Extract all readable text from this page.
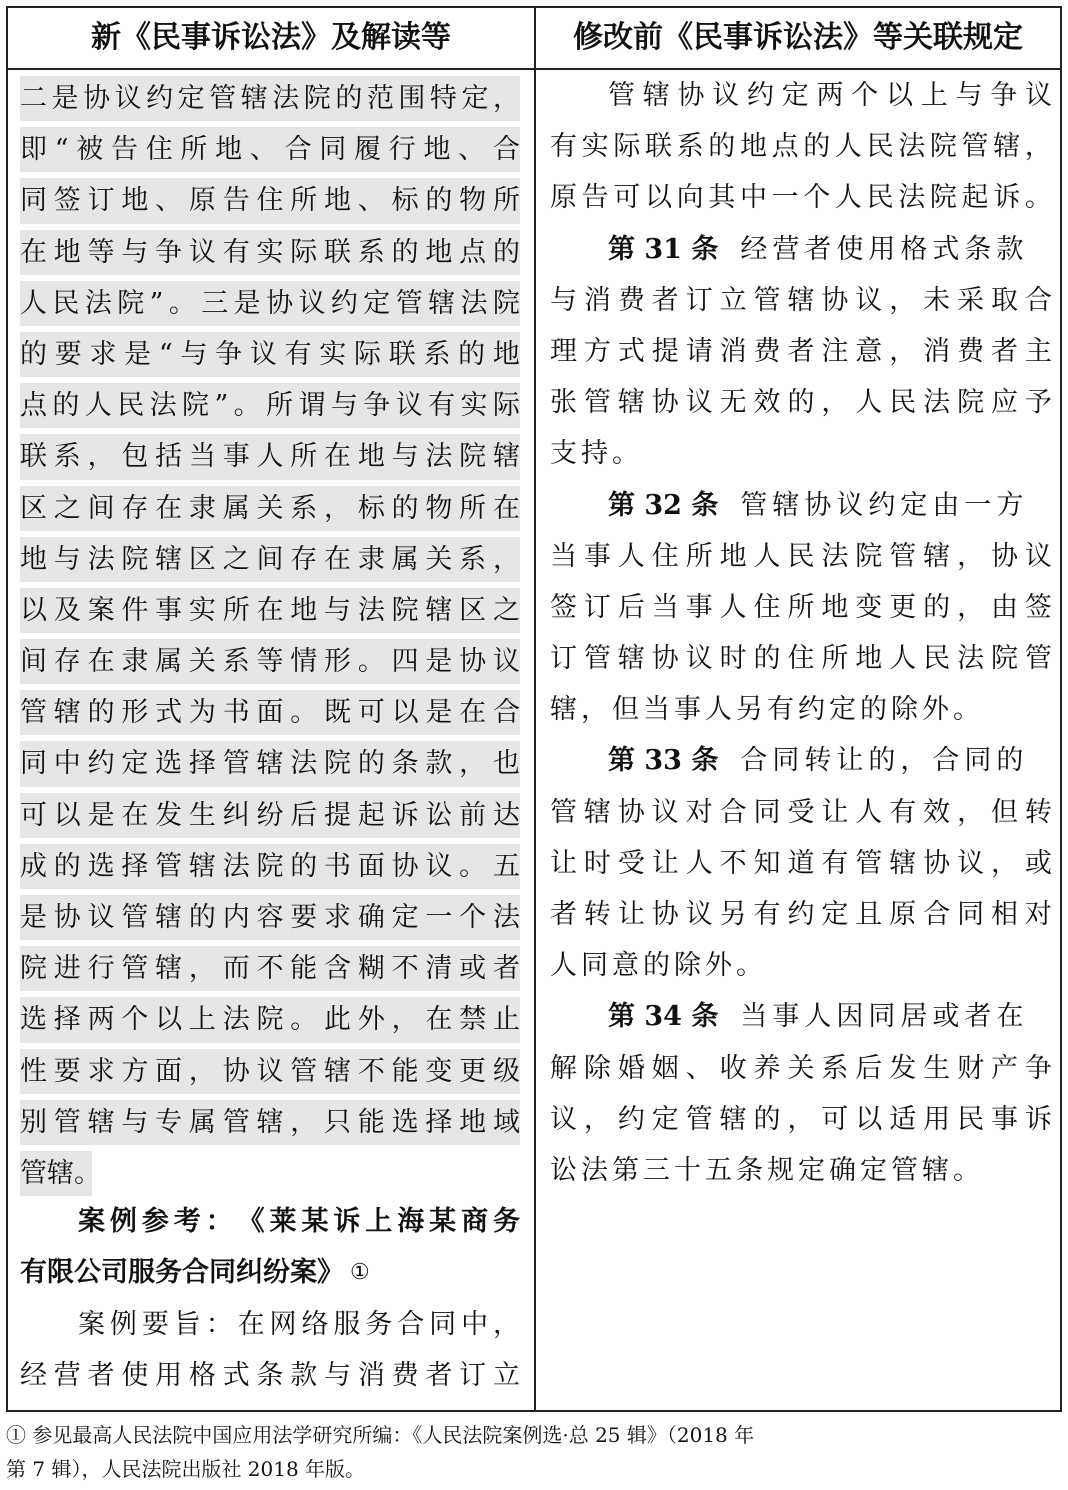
新《民事诉讼法》及解读等	修改前《民事诉讼法》等关联规定
二 是 协 议 约 定 管 辖 法 院 的 范 围 特 定 ，
即 “ 被 告 住 所 地 、 合 同 履 行 地 、 合
同 签 订 地 、 原 告 住 所 地 、 标 的 物 所
在 地 等 与 争 议 有 实 际 联 系 的 地 点 的
人 民 法 院 ” 。 三 是 协 议 约 定 管 辖 法 院
的 要 求 是 “ 与 争 议 有 实 际 联 系 的 地
点 的 人 民 法 院 ” 。 所 谓 与 争 议 有 实 际
联 系 ， 包 括 当 事 人 所 在 地 与 法 院 辖
区 之 间 存 在 隶 属 关 系 ， 标 的 物 所 在
地 与 法 院 辖 区 之 间 存 在 隶 属 关 系 ，
以 及 案 件 事 实 所 在 地 与 法 院 辖 区 之
间 存 在 隶 属 关 系 等 情 形 。 四 是 协 议
管 辖 的 形 式 为 书 面 。 既 可 以 是 在 合
同 中 约 定 选 择 管 辖 法 院 的 条 款 ， 也
可 以 是 在 发 生 纠 纷 后 提 起 诉 讼 前 达
成 的 选 择 管 辖 法 院 的 书 面 协 议 。 五
是 协 议 管 辖 的 内 容 要 求 确 定 一 个 法
院 进 行 管 辖 ， 而 不 能 含 糊 不 清 或 者
选 择 两 个 以 上 法 院 。 此 外 ， 在 禁 止
性 要 求 方 面 ， 协 议 管 辖 不 能 变 更 级
别 管 辖 与 专 属 管 辖 ， 只 能 选 择 地 域
管辖。
案 例 参 考 ： 《 莱 某 诉 上 海 某 商 务
有限公司服务合同纠纷案》 ①
案 例 要 旨 ： 在 网 络 服 务 合 同 中 ，
经 营 者 使 用 格 式 条 款 与 消 费 者 订 立
管 辖 协 议 约 定 两 个 以 上 与 争 议
有 实 际 联 系 的 地 点 的 人 民 法 院 管 辖 ，
原 告 可 以 向 其 中 一 个 人 民 法 院 起 诉 。
第 31 条 经营者使用格式条款
与 消 费 者 订 立 管 辖 协 议 ， 未 采 取 合
理 方 式 提 请 消 费 者 注 意 ， 消 费 者 主
张 管 辖 协 议 无 效 的 ， 人 民 法 院 应 予
支持。
第 32 条 管辖协议约定由一方
当 事 人 住 所 地 人 民 法 院 管 辖 ， 协 议
签 订 后 当 事 人 住 所 地 变 更 的 ， 由 签
订 管 辖 协 议 时 的 住 所 地 人 民 法 院 管
辖，但当事人另有约定的除外。
第 33 条 合同转让的，合同的
管 辖 协 议 对 合 同 受 让 人 有 效 ， 但 转
让 时 受 让 人 不 知 道 有 管 辖 协 议 ， 或
者 转 让 协 议 另 有 约 定 且 原 合 同 相 对
人同意的除外。
第 34 条 当事人因同居或者在
解 除 婚 姻 、 收 养 关 系 后 发 生 财 产 争
议 ， 约 定 管 辖 的 ， 可 以 适 用 民 事 诉
讼法第三十五条规定确定管辖。
① 参见最高人民法院中国应用法学研究所编：《人民法院案例选·总 25 辑》（2018 年
第 7 辑），人民法院出版社 2018 年版。
